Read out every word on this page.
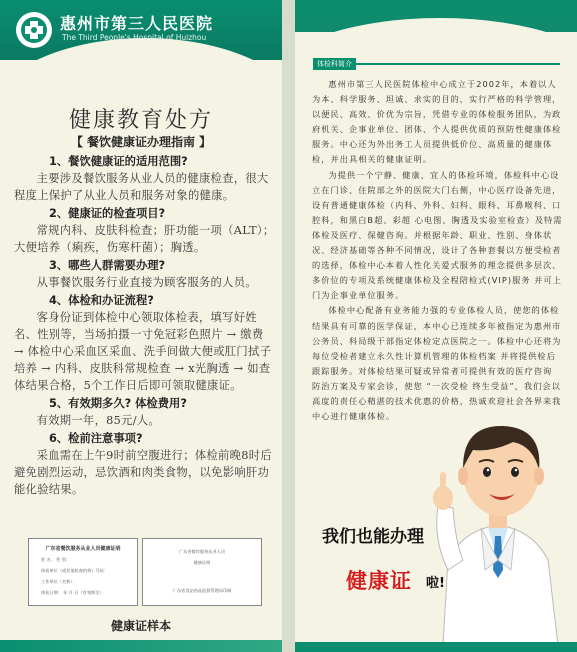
惠州市第三人民医院
The Third People's Hospital of Huizhou
健康教育处方
【 餐饮健康证办理指南 】
1、餐饮健康证的适用范围?
主要涉及餐饮服务从业人员的健康检查，很大程度上保护了从业人员和服务对象的健康。
2、健康证的检查项目?
常规内科、皮肤科检查；肝功能一项（ALT）；大便培养（痢疾，伤寒杆菌）；胸透。
3、哪些人群需要办理?
从事餐饮服务行业直接为顾客服务的人员。
4、体检和办证流程?
客身份证到体检中心领取体检表，填写好姓名、性别等，当场拍摄一寸免冠彩色照片 → 缴费 → 体检中心采血区采血、洗手间做大便或肛门拭子培养 → 内科、皮肤科常规检查 → x光胸透 → 如查体结果合格，5个工作日后即可领取健康证。
5、有效期多久? 体检费用?
有效期一年，85元/人。
6、检前注意事项?
采血需在上午9时前空腹进行；体检前晚8时后避免剧烈运动，忌饮酒和肉类食物，以免影响肝功能化验结果。
广东省餐饮服务从业人员健康证明
姓 名： 性 别：
体检单位（或其他检查机构）号码：
工作单位（名称）：
体检日期： 年 月 日（有效期至）
广东省餐饮服务从业人员
健康证明
广东省食品药品监督管理局印制
健康证样本
体检科简介

惠州市第三人民医院体检中心成立于2002年，本着以人为本、科学服务、坦诚、求实的目的，实行严格的科学管理，以便民、高效、价优为宗旨，凭借专业的体检服务团队，为政府机关、企事业单位、团体、个人提供优质的预防性健康体检服务。中心还为外出务工人员提供低价位、高质量的健康体检，并出具相关的健康证明。

为提供一个宁静、健康、宜人的体检环境，体检科中心设立在门诊、住院部之外的医院大门右侧，中心医疗设备先进，设有普通健康体检（内科、外科、妇科、眼科、耳鼻喉科、口腔科，和黑白B超、彩超 心电图、胸透及实验室检查）及特需体检及医疗、保健咨询。并根据年龄、职业、性别、身体状况、经济基础等各种不同情况，设计了各种套餐以方便受检者的选择，体检中心本着人性化关爱式服务的理念提供多层次、多价位的专项及系统健康体检及全程陪检式(VIP)服务 并可上门为企事业单位服务。

体检中心配备有业务能力强的专业体检人员，使您的体检结果具有可靠的医学保证，本中心已连续多年被指定为惠州市公务员、科局级干部指定体检定点医院之一。体检中心还将为每位受检者建立永久性计算机管理的体检档案 并将提供检后跟踪服务。对体检结果可疑或异常者可提供有效的医疗咨询 防治方案及专家会诊，使您 “一次受检 终生受益”，我们会以高度的责任心精湛的技术优惠的价格，热诚欢迎社会各界来我中心进行健康体检。

我们也能办理
健康证 啦!
